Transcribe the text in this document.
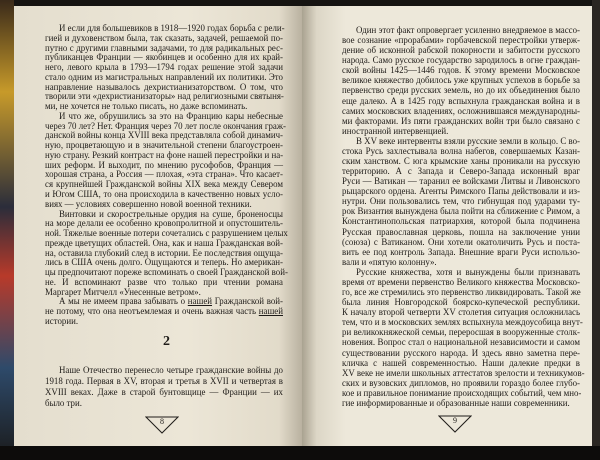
И если для большевиков в 1918—1920 годах борьба с рели-
гией и духовенством была, так сказать, задачей, решаемой по-
путно с другими главными задачами, то для радикальных рес-
публиканцев Франции — якобинцев и особенно для их край-
него, левого крыла в 1793—1794 годах решение этой задачи
стало одним из магистральных направлений их политики. Это
направление называлось дехристианизаторством. О том, что
творили эти «дехристианизаторы» над религиозными святыня-
ми, не хочется не только писать, но даже вспоминать.
И что же, обрушились за это на Францию кары небесные
через 70 лет? Нет. Франция через 70 лет после окончания граж-
данской войны конца XVIII века представляла собой динамич-
ную, процветающую и в значительной степени благоустроен-
ную страну. Резкий контраст на фоне нашей перестройки и на-
ших реформ. И выходит, по мнению русофобов, Франция —
хорошая страна, а Россия — плохая, «эта страна». Что касает-
ся крупнейшей Гражданской войны XIX века между Севером
и Югом США, то она происходила в качественно новых усло-
виях — условиях совершенно новой военной техники.
Винтовки и скорострельные орудия на суше, броненосцы
на море делали ее особенно кровопролитной и опустошитель-
ной. Тяжелые военные потери сочетались с разрушением целых
прежде цветущих областей. Она, как и наша Гражданская вой-
на, оставила глубокий след в истории. Ее последствия ощуща-
лись в США очень долго. Ощущаются и теперь. Но американ-
цы предпочитают пореже вспоминать о своей Гражданской вой-
не. И вспоминают разве что только при чтении романа
Маргарет Митчелл «Унесенные ветром».
А мы не имеем права забывать о нашей Гражданской вой-
не потому, что она неотъемлемая и очень важная часть нашей
истории.
2
Наше Отечество перенесло четыре гражданские войны до
1918 года. Первая в XV, вторая и третья в XVII и четвертая в
XVIII веках. Даже в старой бунтовщице — Франции — их
было три.
8
Один этот факт опровергает усиленно внедряемое в массо-
вое сознание «прорабами» горбачевской перестройки утверж-
дение об исконной рабской покорности и забитости русского
народа. Само русское государство зародилось в огне граждан-
ской войны 1425—1446 годов. К этому времени Московское
великое княжество добилось уже крупных успехов в борьбе за
первенство среди русских земель, но до их объединения было
еще далеко. А в 1425 году вспыхнула гражданская война и в
самих московских владениях, осложнившаяся международны-
ми факторами. Из пяти гражданских войн три было связано с
иностранной интервенцией.
В XV веке интервенты взяли русские земли в кольцо. С во-
стока Русь захлестывала волна набегов, совершаемых Казан-
ским ханством. С юга крымские ханы проникали на русскую
территорию. А с Запада и Северо-Запада исконный враг
Руси — Ватикан — таранил ее войсками Литвы и Ливонского
рыцарского ордена. Агенты Римского Папы действовали и из-
нутри. Они пользовались тем, что гибнущая под ударами ту-
рок Византия вынуждена была пойти на сближение с Римом, а
Константинопольская патриархия, которой была подчинена
Русская православная церковь, пошла на заключение унии
(союза) с Ватиканом. Они хотели окатоличить Русь и поста-
вить ее под контроль Запада. Внешние враги Руси использо-
вали и «пятую колонну».
Русские княжества, хотя и вынуждены были признавать
время от времени первенство Великого княжества Московско-
го, все же стремились это первенство ликвидировать. Такой же
была линия Новгородской боярско-купеческой республики.
К началу второй четверти XV столетия ситуация осложнилась
тем, что и в московских землях вспыхнула междоусобица внут-
ри великокняжеской семьи, переросшая в вооруженные столк-
новения. Вопрос стал о национальной независимости и самом
существовании русского народа. И здесь явно заметна пере-
кличка с нашей современностью. Наши далекие предки в
XV веке не имели школьных аттестатов зрелости и техникумов-
ских и вузовских дипломов, но проявили гораздо более глубо-
кое и правильное понимание происходящих событий, чем мно-
гие информированные и образованные наши современники.
9
